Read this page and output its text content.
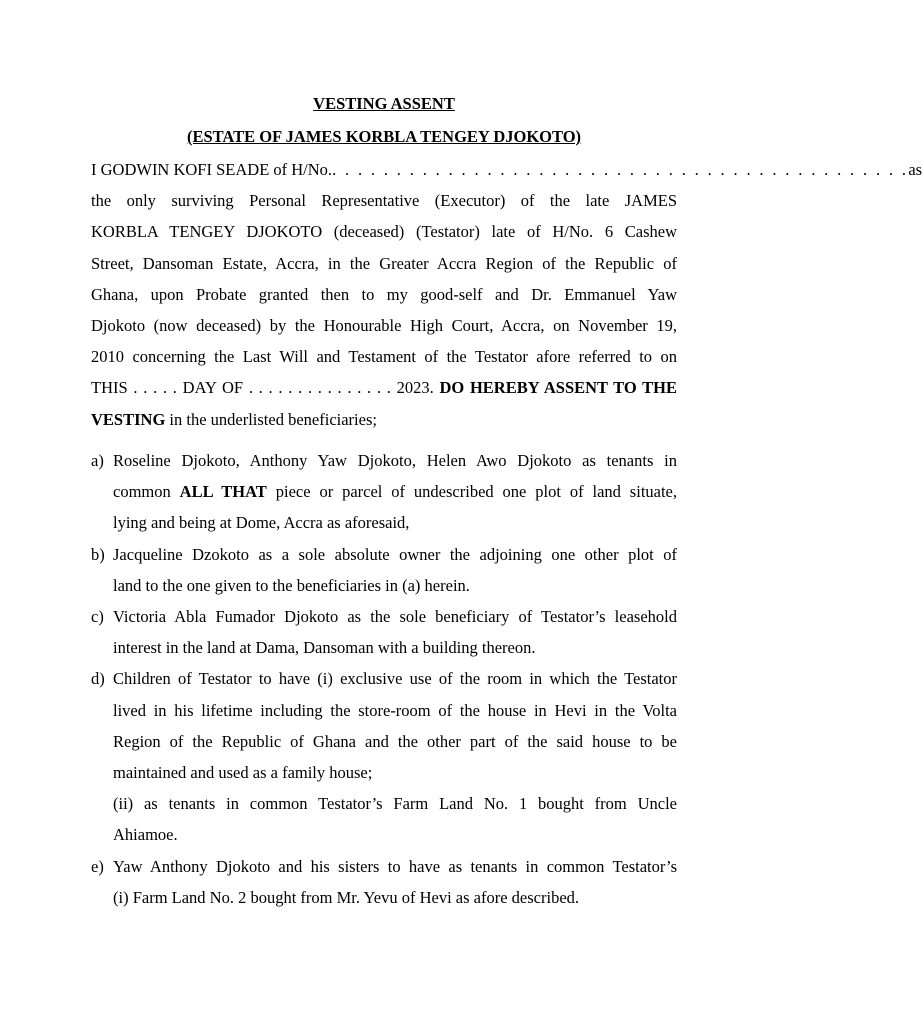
VESTING ASSENT
(ESTATE OF JAMES KORBLA TENGEY DJOKOTO)
I GODWIN KOFI SEADE of H/No. . . . . . . . . . . . . . . . . . . . . . . . . . . . . . . . . . . . . . . . . . . . . . as
the only surviving Personal Representative (Executor) of the late JAMES
KORBLA TENGEY DJOKOTO (deceased) (Testator) late of H/No. 6 Cashew
Street, Dansoman Estate, Accra, in the Greater Accra Region of the Republic of
Ghana, upon Probate granted then to my good-self and Dr. Emmanuel Yaw
Djokoto (now deceased) by the Honourable High Court, Accra, on November 19,
2010 concerning the Last Will and Testament of the Testator afore referred to on
THIS . . . . . DAY OF . . . . . . . . . . . . . . . 2023. DO HEREBY ASSENT TO THE
VESTING in the underlisted beneficiaries;
a) Roseline Djokoto, Anthony Yaw Djokoto, Helen Awo Djokoto as tenants in
common ALL THAT piece or parcel of undescribed one plot of land situate,
lying and being at Dome, Accra as aforesaid,
b) Jacqueline Dzokoto as a sole absolute owner the adjoining one other plot of
land to the one given to the beneficiaries in (a) herein.
c) Victoria Abla Fumador Djokoto as the sole beneficiary of Testator’s leasehold
interest in the land at Dama, Dansoman with a building thereon.
d) Children of Testator to have (i) exclusive use of the room in which the Testator
lived in his lifetime including the store-room of the house in Hevi in the Volta
Region of the Republic of Ghana and the other part of the said house to be
maintained and used as a family house;
(ii) as tenants in common Testator’s Farm Land No. 1 bought from Uncle
Ahiamoe.
e) Yaw Anthony Djokoto and his sisters to have as tenants in common Testator’s
(i) Farm Land No. 2 bought from Mr. Yevu of Hevi as afore described.
